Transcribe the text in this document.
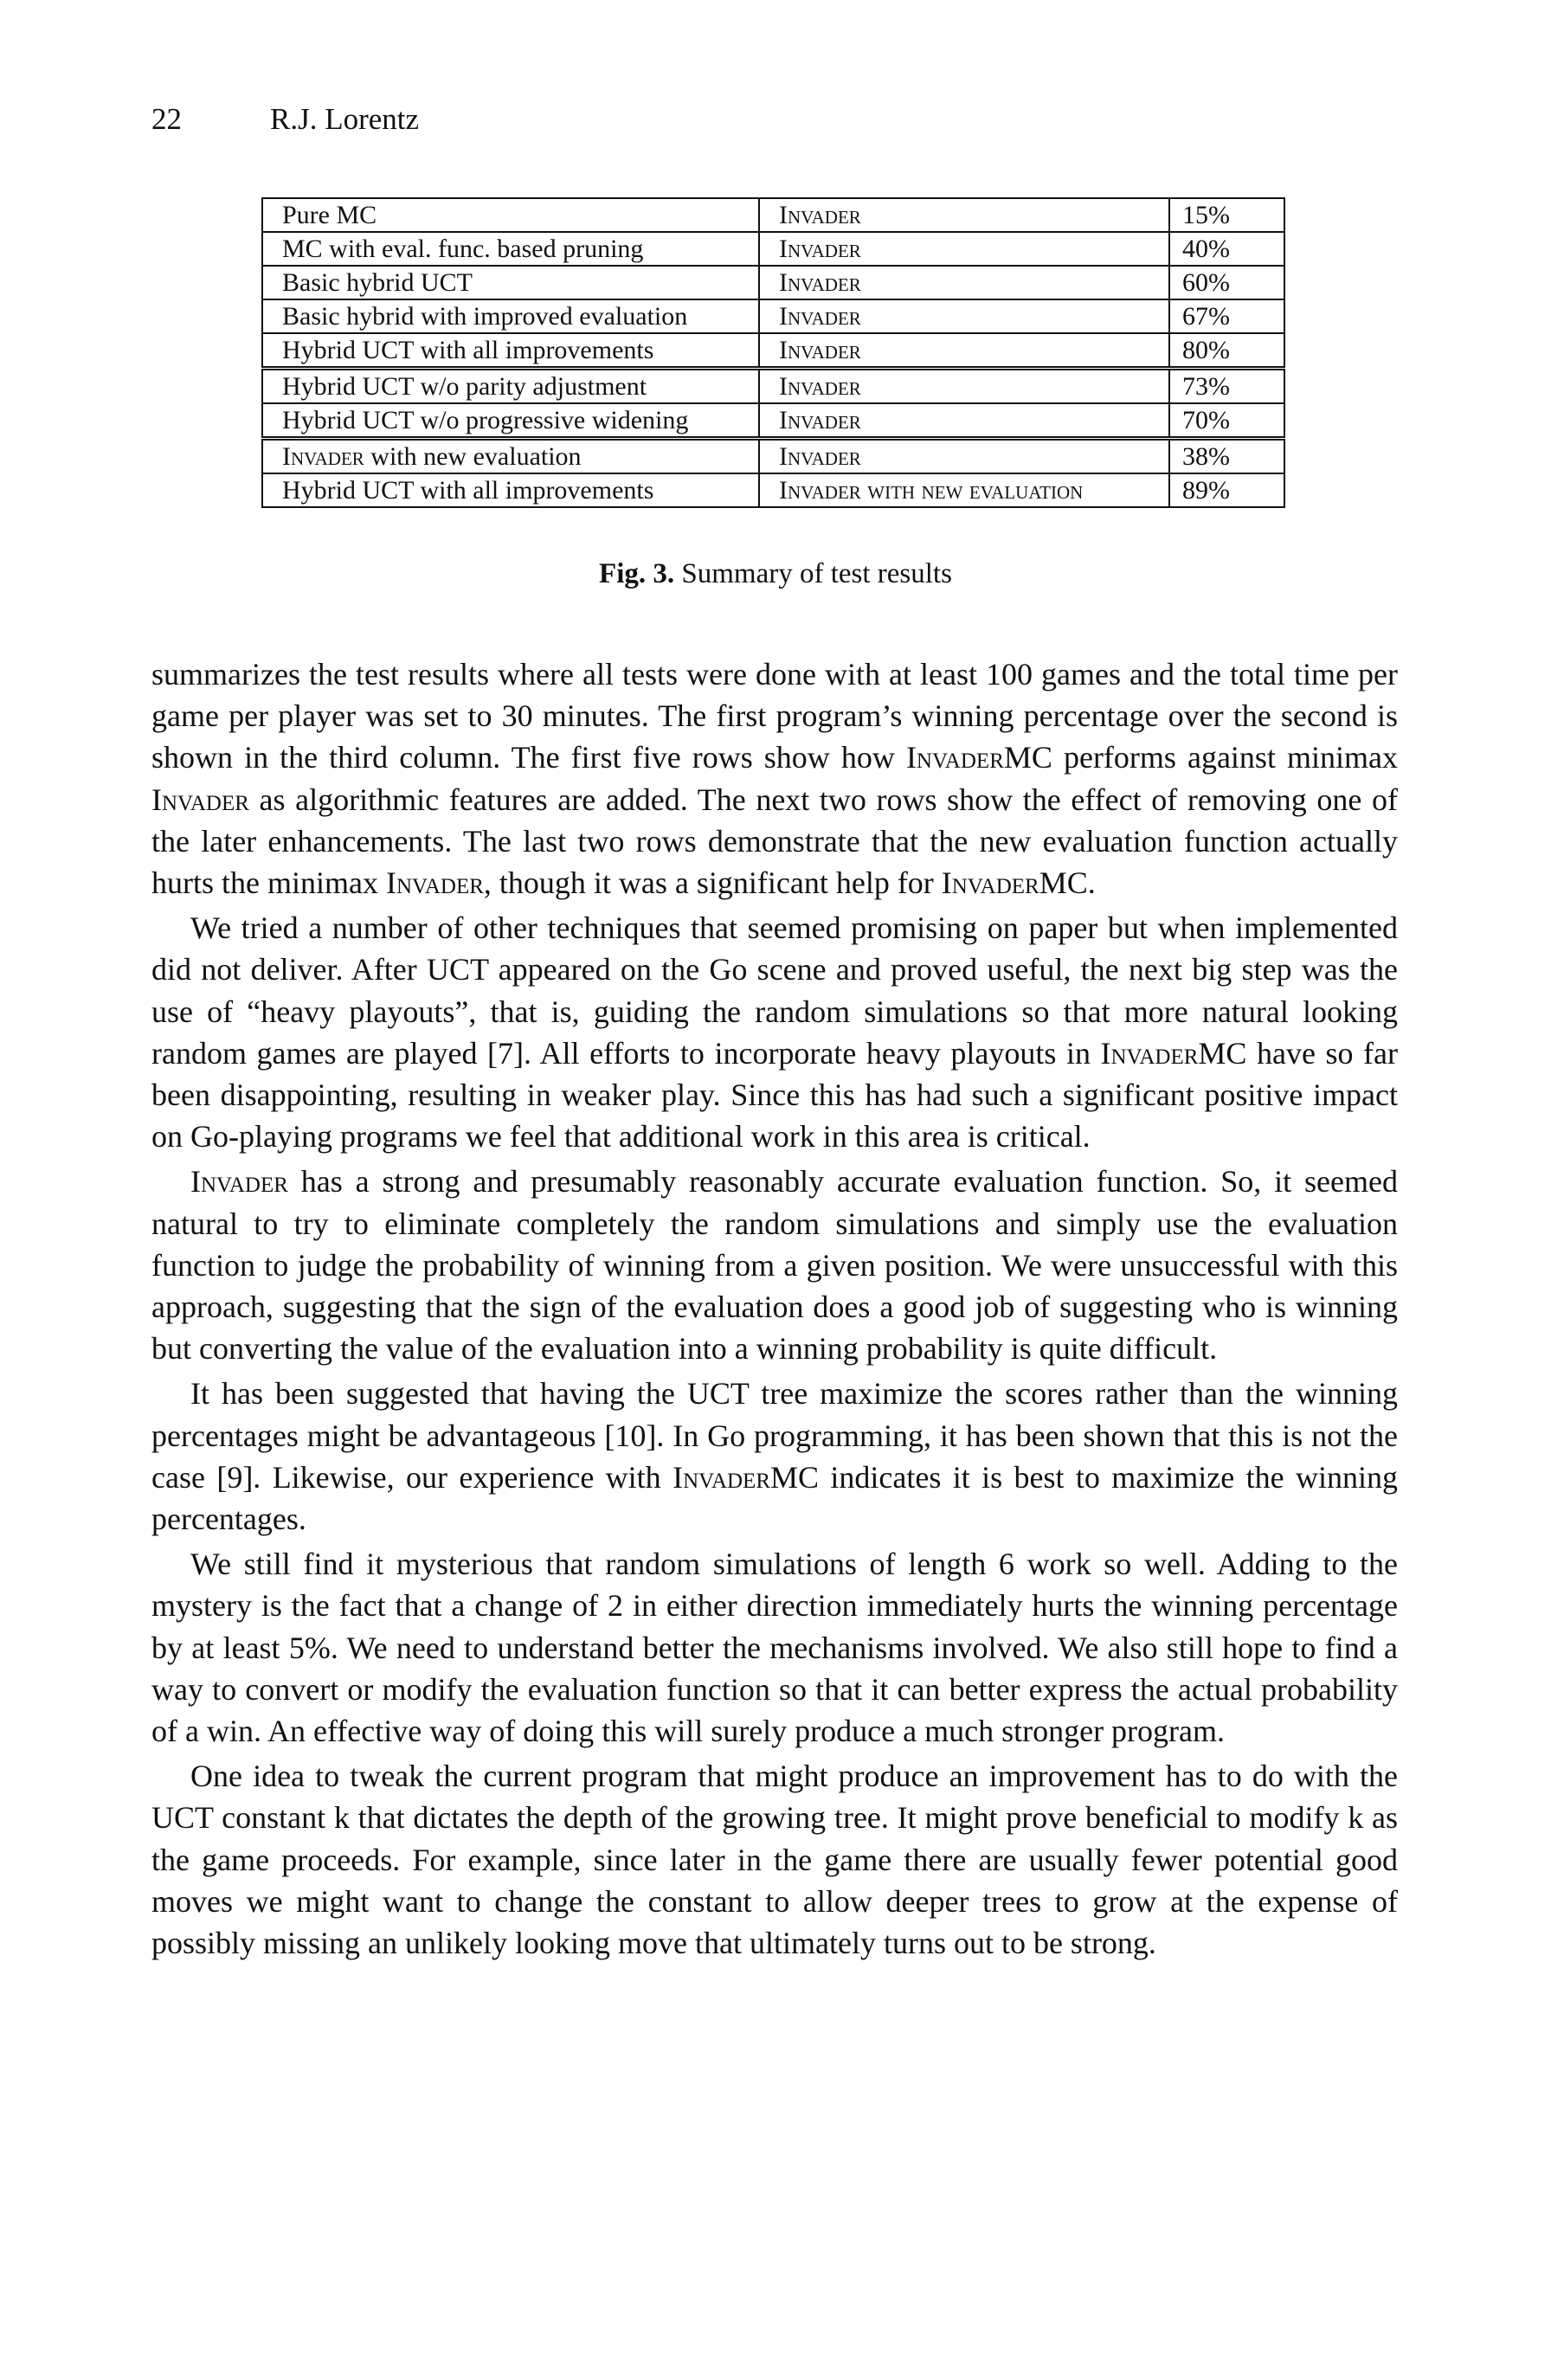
22	R.J. Lorentz
Pure MC	Invader	15%
MC with eval. func. based pruning	Invader	40%
Basic hybrid UCT	Invader	60%
Basic hybrid with improved evaluation	Invader	67%
Hybrid UCT with all improvements	Invader	80%
Hybrid UCT w/o parity adjustment	Invader	73%
Hybrid UCT w/o progressive widening	Invader	70%
Invader with new evaluation	Invader	38%
Hybrid UCT with all improvements	Invader with new evaluation	89%
Fig. 3. Summary of test results

summarizes the test results where all tests were done with at least 100 games and the total time per game per player was set to 30 minutes. The first program’s winning percentage over the second is shown in the third column. The first five rows show how InvaderMC performs against minimax Invader as algorithmic features are added. The next two rows show the effect of removing one of the later enhancements. The last two rows demonstrate that the new evaluation function actually hurts the minimax Invader, though it was a significant help for InvaderMC.

We tried a number of other techniques that seemed promising on paper but when implemented did not deliver. After UCT appeared on the Go scene and proved useful, the next big step was the use of “heavy playouts”, that is, guiding the random simulations so that more natural looking random games are played [7]. All efforts to incorporate heavy playouts in InvaderMC have so far been disappointing, resulting in weaker play. Since this has had such a significant positive impact on Go-playing programs we feel that additional work in this area is critical.

Invader has a strong and presumably reasonably accurate evaluation function. So, it seemed natural to try to eliminate completely the random simulations and simply use the evaluation function to judge the probability of winning from a given position. We were unsuccessful with this approach, suggesting that the sign of the evaluation does a good job of suggesting who is winning but converting the value of the evaluation into a winning probability is quite difficult.

It has been suggested that having the UCT tree maximize the scores rather than the winning percentages might be advantageous [10]. In Go programming, it has been shown that this is not the case [9]. Likewise, our experience with InvaderMC indicates it is best to maximize the winning percentages.

We still find it mysterious that random simulations of length 6 work so well. Adding to the mystery is the fact that a change of 2 in either direction immediately hurts the winning percentage by at least 5%. We need to understand better the mechanisms involved. We also still hope to find a way to convert or modify the evaluation function so that it can better express the actual probability of a win. An effective way of doing this will surely produce a much stronger program.

One idea to tweak the current program that might produce an improvement has to do with the UCT constant k that dictates the depth of the growing tree. It might prove beneficial to modify k as the game proceeds. For example, since later in the game there are usually fewer potential good moves we might want to change the constant to allow deeper trees to grow at the expense of possibly missing an unlikely looking move that ultimately turns out to be strong.
